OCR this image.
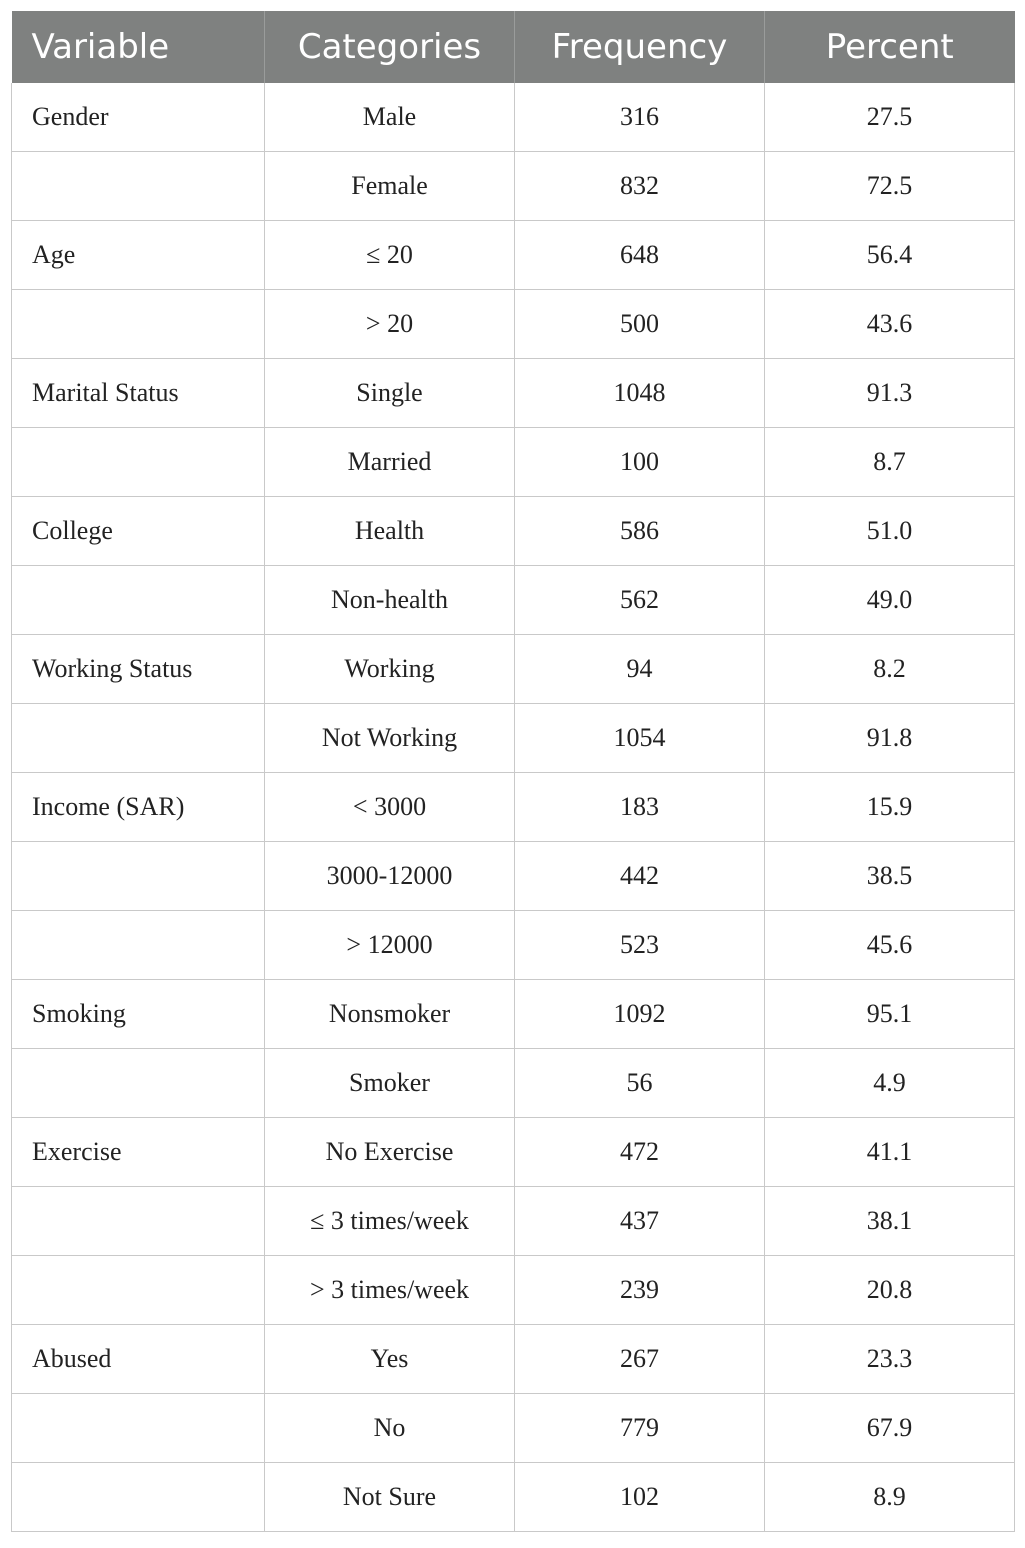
Variable	Categories	Frequency	Percent
Gender	Male	316	27.5
	Female	832	72.5
Age	≤ 20	648	56.4
	> 20	500	43.6
Marital Status	Single	1048	91.3
	Married	100	8.7
College	Health	586	51.0
	Non-health	562	49.0
Working Status	Working	94	8.2
	Not Working	1054	91.8
Income (SAR)	< 3000	183	15.9
	3000-12000	442	38.5
	> 12000	523	45.6
Smoking	Nonsmoker	1092	95.1
	Smoker	56	4.9
Exercise	No Exercise	472	41.1
	≤ 3 times/week	437	38.1
	> 3 times/week	239	20.8
Abused	Yes	267	23.3
	No	779	67.9
	Not Sure	102	8.9
